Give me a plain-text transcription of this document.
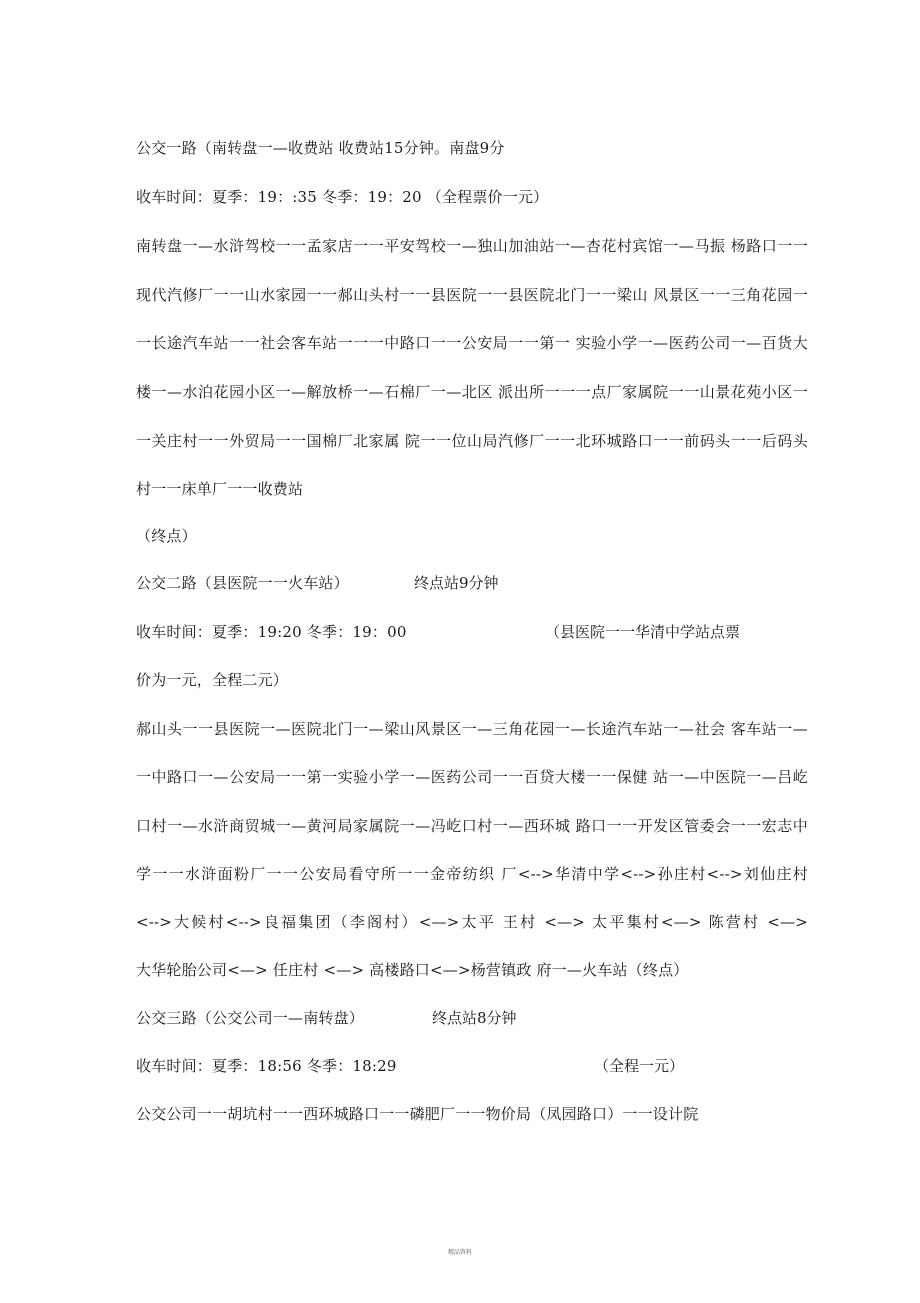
公交一路（南转盘一—收费站 收费站15分钟。南盘9分
收车时间：夏季：19：:35 冬季：19：20 （全程票价一元）
南转盘一—水浒驾校一一孟家店一一平安驾校一—独山加油站一—杏花村宾馆一—马振 杨路口一一
现代汽修厂一一山水家园一一郝山头村一一县医院一一县医院北门一一梁山 风景区一一三角花园一
一长途汽车站一一社会客车站一一一中路口一一公安局一一第一 实验小学一—医药公司一—百货大
楼一—水泊花园小区一—解放桥一—石棉厂一—北区 派出所一一一点厂家属院一一山景花苑小区一
一关庄村一一外贸局一一国棉厂北家属 院一一位山局汽修厂一一北环城路口一一前码头一一后码头
村一一床单厂一一收费站
（终点）
公交二路（县医院一一火车站）	终点站9分钟
收车时间：夏季：19:20 冬季：19：00	（县医院一一华清中学站点票
价为一元，全程二元）
郝山头一一县医院一—医院北门一—梁山风景区一—三角花园一—长途汽车站一—社会 客车站一—
一中路口一—公安局一一第一实验小学一—医药公司一一百贷大楼一一保健 站一—中医院一—吕屹
口村一—水浒商贸城一—黄河局家属院一—冯屹口村一—西环城 路口一一开发区管委会一一宏志中
学一一水浒面粉厂一一公安局看守所一一金帝纺织 厂<-->华清中学<-->孙庄村<-->刘仙庄村
<-->大候村<-->良福集团（李阁村）<—>太平 王村 <—> 太平集村<—> 陈营村 <—>
大华轮胎公司<—> 任庄村 <—> 高楼路口<—>杨营镇政 府一—火车站（终点）
公交三路（公交公司一—南转盘）	终点站8分钟
收车时间：夏季：18:56 冬季：18:29	（全程一元）
公交公司一一胡坑村一一西环城路口一一磷肥厂一一物价局（凤园路口）一一设计院
精品资料
